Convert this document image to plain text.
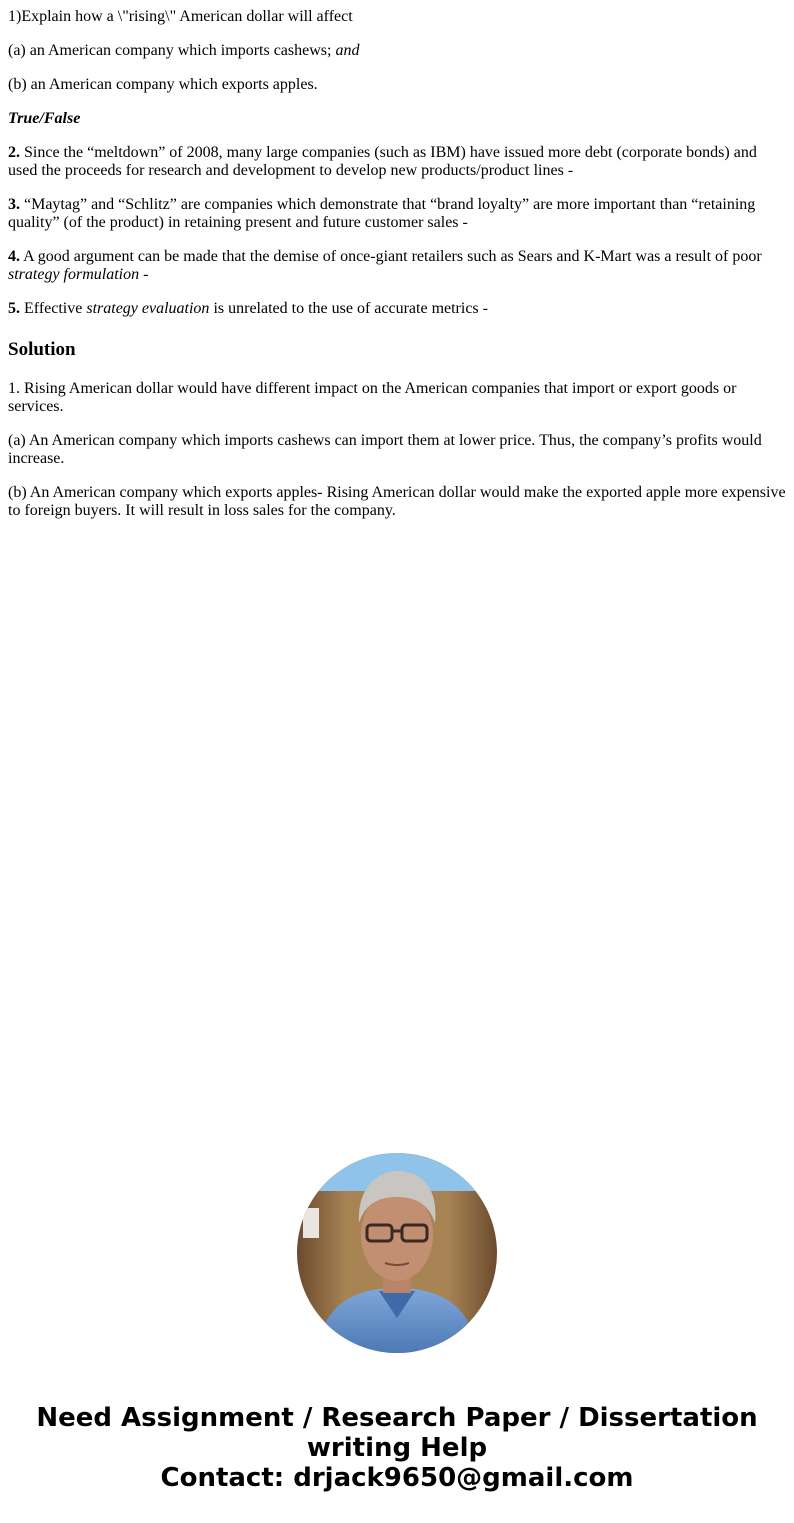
1)Explain how a \"rising\" American dollar will affect

(a) an American company which imports cashews; and

(b) an American company which exports apples.

True/False

2. Since the “meltdown” of 2008, many large companies (such as IBM) have issued more debt (corporate bonds) and used the proceeds for research and development to develop new products/product lines -

3. “Maytag” and “Schlitz” are companies which demonstrate that “brand loyalty” are more important than “retaining quality” (of the product) in retaining present and future customer sales -

4. A good argument can be made that the demise of once-giant retailers such as Sears and K-Mart was a result of poor strategy formulation -

5. Effective strategy evaluation is unrelated to the use of accurate metrics -

Solution

1. Rising American dollar would have different impact on the American companies that import or export goods or services.

(a) An American company which imports cashews can import them at lower price. Thus, the company’s profits would increase.

(b) An American company which exports apples- Rising American dollar would make the exported apple more expensive to foreign buyers. It will result in loss sales for the company.

Need Assignment / Research Paper / Dissertation
writing Help
Contact: drjack9650@gmail.com
